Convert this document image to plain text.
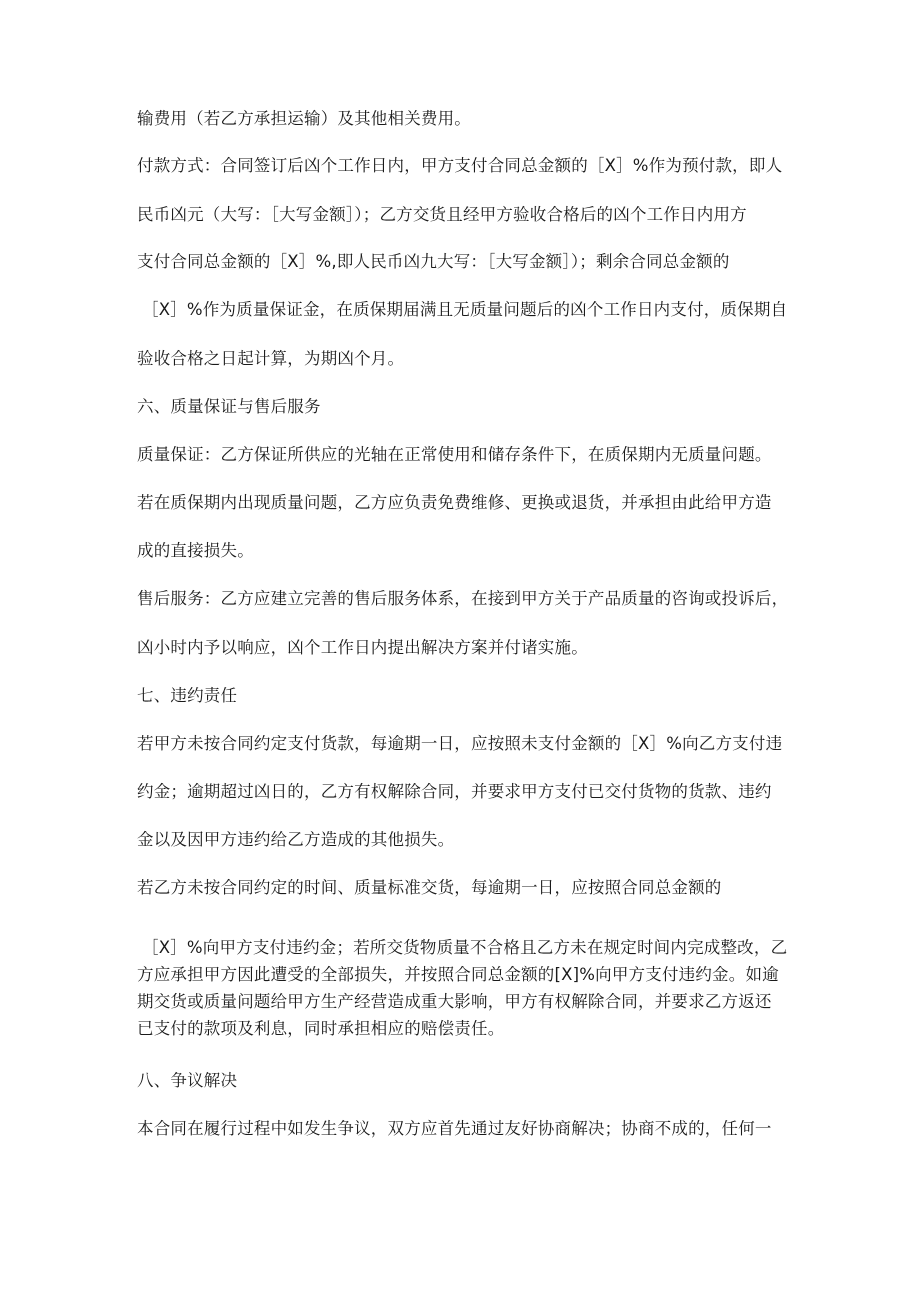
输费用（若乙方承担运输）及其他相关费用。
付款方式：合同签订后凶个工作日内，甲方支付合同总金额的［X］%作为预付款，即人
民币凶元（大写：［大写金额］）；乙方交货且经甲方验收合格后的凶个工作日内用方
支付合同总金额的［X］%,即人民币凶九大写：［大写金额］）；剩余合同总金额的
［X］%作为质量保证金，在质保期届满且无质量问题后的凶个工作日内支付，质保期自
验收合格之日起计算，为期凶个月。
六、质量保证与售后服务
质量保证：乙方保证所供应的光轴在正常使用和储存条件下，在质保期内无质量问题。
若在质保期内出现质量问题，乙方应负责免费维修、更换或退货，并承担由此给甲方造
成的直接损失。
售后服务：乙方应建立完善的售后服务体系，在接到甲方关于产品质量的咨询或投诉后，
凶小时内予以响应，凶个工作日内提出解决方案并付诸实施。
七、违约责任
若甲方未按合同约定支付货款，每逾期一日，应按照未支付金额的［X］%向乙方支付违
约金；逾期超过凶日的，乙方有权解除合同，并要求甲方支付已交付货物的货款、违约
金以及因甲方违约给乙方造成的其他损失。
若乙方未按合同约定的时间、质量标准交货，每逾期一日，应按照合同总金额的
［X］%向甲方支付违约金；若所交货物质量不合格且乙方未在规定时间内完成整改，乙
方应承担甲方因此遭受的全部损失，并按照合同总金额的[X]%向甲方支付违约金。如逾
期交货或质量问题给甲方生产经营造成重大影响，甲方有权解除合同，并要求乙方返还
已支付的款项及利息，同时承担相应的赔偿责任。
八、争议解决
本合同在履行过程中如发生争议，双方应首先通过友好协商解决；协商不成的，任何一
